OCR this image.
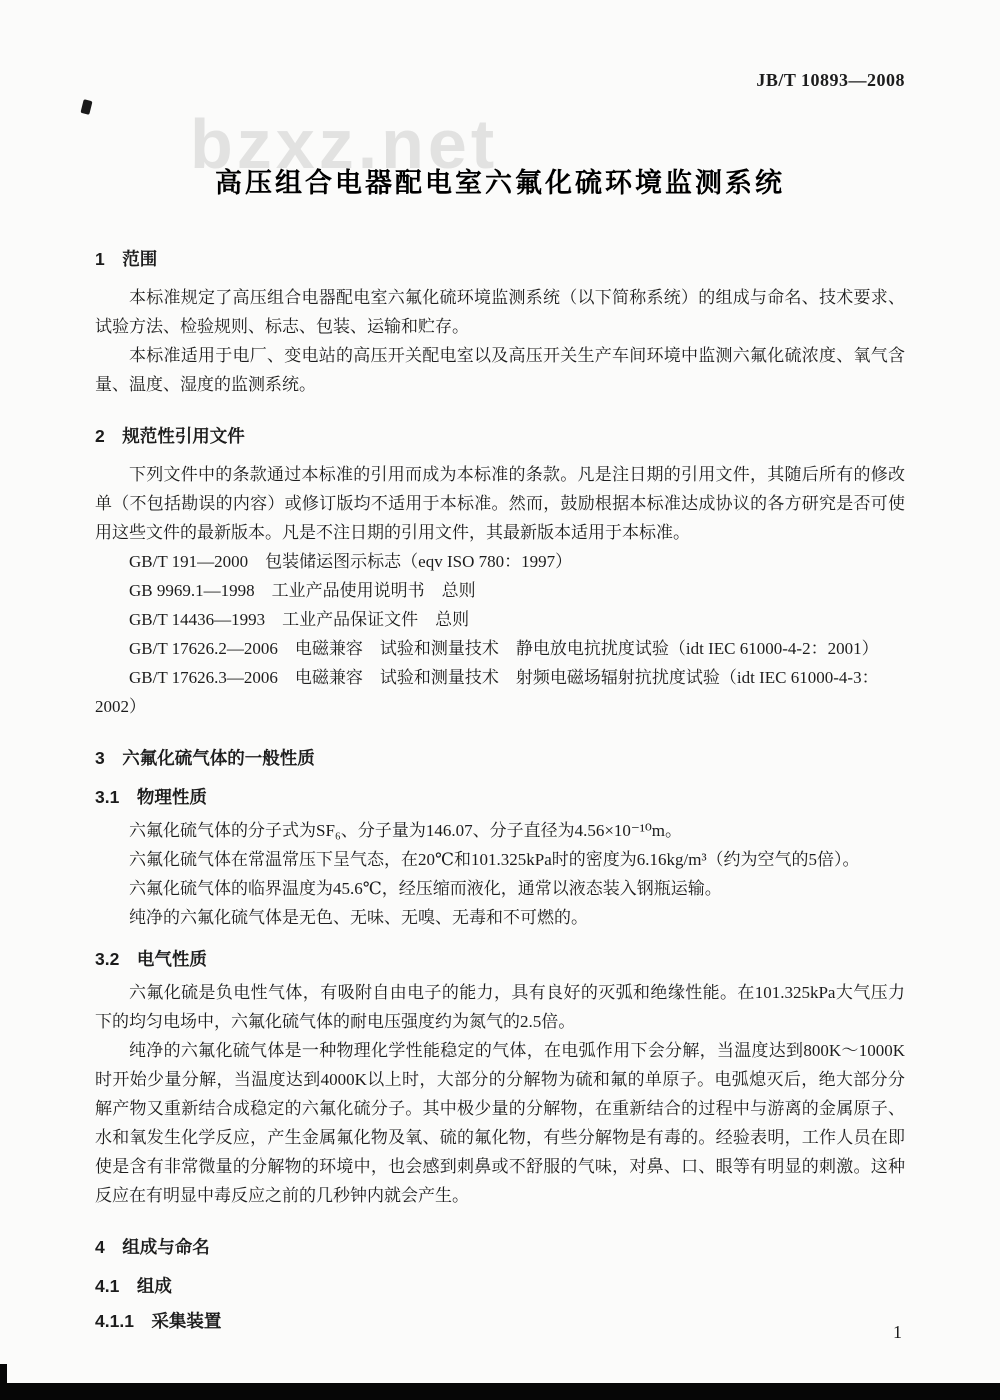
bzxz.net
JB/T 10893—2008
高压组合电器配电室六氟化硫环境监测系统
1　范围

本标准规定了高压组合电器配电室六氟化硫环境监测系统（以下简称系统）的组成与命名、技术要求、试验方法、检验规则、标志、包装、运输和贮存。

本标准适用于电厂、变电站的高压开关配电室以及高压开关生产车间环境中监测六氟化硫浓度、氧气含量、温度、湿度的监测系统。

2　规范性引用文件

下列文件中的条款通过本标准的引用而成为本标准的条款。凡是注日期的引用文件，其随后所有的修改单（不包括勘误的内容）或修订版均不适用于本标准。然而，鼓励根据本标准达成协议的各方研究是否可使用这些文件的最新版本。凡是不注日期的引用文件，其最新版本适用于本标准。

GB/T 191—2000　包装储运图示标志（eqv ISO 780：1997）

GB 9969.1—1998　工业产品使用说明书　总则

GB/T 14436—1993　工业产品保证文件　总则

GB/T 17626.2—2006　电磁兼容　试验和测量技术　静电放电抗扰度试验（idt IEC 61000-4-2：2001）

GB/T 17626.3—2006　电磁兼容　试验和测量技术　射频电磁场辐射抗扰度试验（idt IEC 61000-4-3：2002）

3　六氟化硫气体的一般性质
3.1　物理性质

六氟化硫气体的分子式为SF₆、分子量为146.07、分子直径为4.56×10⁻¹⁰m。

六氟化硫气体在常温常压下呈气态，在20℃和101.325kPa时的密度为6.16kg/m³（约为空气的5倍）。

六氟化硫气体的临界温度为45.6℃，经压缩而液化，通常以液态装入钢瓶运输。

纯净的六氟化硫气体是无色、无味、无嗅、无毒和不可燃的。

3.2　电气性质

六氟化硫是负电性气体，有吸附自由电子的能力，具有良好的灭弧和绝缘性能。在101.325kPa大气压力下的均匀电场中，六氟化硫气体的耐电压强度约为氮气的2.5倍。

纯净的六氟化硫气体是一种物理化学性能稳定的气体，在电弧作用下会分解，当温度达到800K～1000K时开始少量分解，当温度达到4000K以上时，大部分的分解物为硫和氟的单原子。电弧熄灭后，绝大部分分解产物又重新结合成稳定的六氟化硫分子。其中极少量的分解物，在重新结合的过程中与游离的金属原子、水和氧发生化学反应，产生金属氟化物及氧、硫的氟化物，有些分解物是有毒的。经验表明，工作人员在即使是含有非常微量的分解物的环境中，也会感到刺鼻或不舒服的气味，对鼻、口、眼等有明显的刺激。这种反应在有明显中毒反应之前的几秒钟内就会产生。

4　组成与命名
4.1　组成
4.1.1　采集装置
1
